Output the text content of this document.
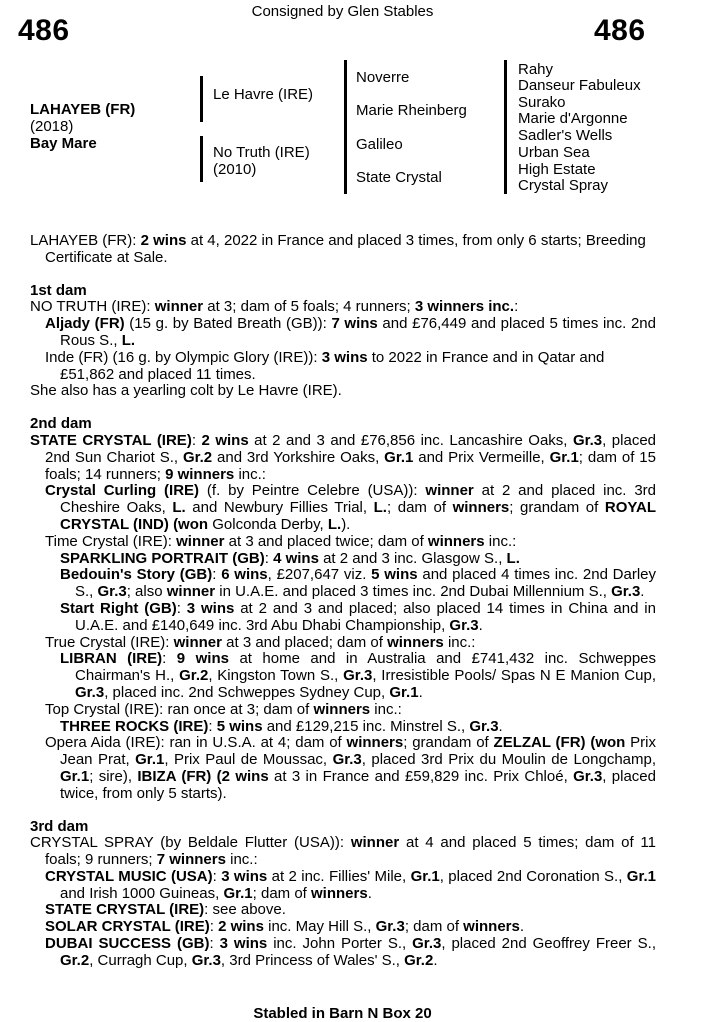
Consigned by Glen Stables
486	486
LAHAYEB (FR)
(2018)
Bay Mare
Le Havre (IRE)
No Truth (IRE)
(2010)
Noverre
Marie Rheinberg
Galileo
State Crystal
Rahy
Danseur Fabuleux
Surako
Marie d'Argonne
Sadler's Wells
Urban Sea
High Estate
Crystal Spray

LAHAYEB (FR): 2 wins at 4, 2022 in France and placed 3 times, from only 6 starts; Breeding Certificate at Sale.

1st dam

NO TRUTH (IRE): winner at 3; dam of 5 foals; 4 runners; 3 winners inc.:

Aljady (FR) (15 g. by Bated Breath (GB)): 7 wins and £76,449 and placed 5 times inc. 2nd Rous S., L.

Inde (FR) (16 g. by Olympic Glory (IRE)): 3 wins to 2022 in France and in Qatar and £51,862 and placed 11 times.

She also has a yearling colt by Le Havre (IRE).

2nd dam

STATE CRYSTAL (IRE): 2 wins at 2 and 3 and £76,856 inc. Lancashire Oaks, Gr.3, placed 2nd Sun Chariot S., Gr.2 and 3rd Yorkshire Oaks, Gr.1 and Prix Vermeille, Gr.1; dam of 15 foals; 14 runners; 9 winners inc.:

Crystal Curling (IRE) (f. by Peintre Celebre (USA)): winner at 2 and placed inc. 3rd Cheshire Oaks, L. and Newbury Fillies Trial, L.; dam of winners; grandam of ROYAL CRYSTAL (IND) (won Golconda Derby, L.).

Time Crystal (IRE): winner at 3 and placed twice; dam of winners inc.:

SPARKLING PORTRAIT (GB): 4 wins at 2 and 3 inc. Glasgow S., L.

Bedouin's Story (GB): 6 wins, £207,647 viz. 5 wins and placed 4 times inc. 2nd Darley S., Gr.3; also winner in U.A.E. and placed 3 times inc. 2nd Dubai Millennium S., Gr.3.

Start Right (GB): 3 wins at 2 and 3 and placed; also placed 14 times in China and in U.A.E. and £140,649 inc. 3rd Abu Dhabi Championship, Gr.3.

True Crystal (IRE): winner at 3 and placed; dam of winners inc.:

LIBRAN (IRE): 9 wins at home and in Australia and £741,432 inc. Schweppes Chairman's H., Gr.2, Kingston Town S., Gr.3, Irresistible Pools/ Spas N E Manion Cup, Gr.3, placed inc. 2nd Schweppes Sydney Cup, Gr.1.

Top Crystal (IRE): ran once at 3; dam of winners inc.:

THREE ROCKS (IRE): 5 wins and £129,215 inc. Minstrel S., Gr.3.

Opera Aida (IRE): ran in U.S.A. at 4; dam of winners; grandam of ZELZAL (FR) (won Prix Jean Prat, Gr.1, Prix Paul de Moussac, Gr.3, placed 3rd Prix du Moulin de Longchamp, Gr.1; sire), IBIZA (FR) (2 wins at 3 in France and £59,829 inc. Prix Chloé, Gr.3, placed twice, from only 5 starts).

3rd dam

CRYSTAL SPRAY (by Beldale Flutter (USA)): winner at 4 and placed 5 times; dam of 11 foals; 9 runners; 7 winners inc.:

CRYSTAL MUSIC (USA): 3 wins at 2 inc. Fillies' Mile, Gr.1, placed 2nd Coronation S., Gr.1 and Irish 1000 Guineas, Gr.1; dam of winners.

STATE CRYSTAL (IRE): see above.

SOLAR CRYSTAL (IRE): 2 wins inc. May Hill S., Gr.3; dam of winners.

DUBAI SUCCESS (GB): 3 wins inc. John Porter S., Gr.3, placed 2nd Geoffrey Freer S., Gr.2, Curragh Cup, Gr.3, 3rd Princess of Wales' S., Gr.2.

Stabled in Barn N Box 20
